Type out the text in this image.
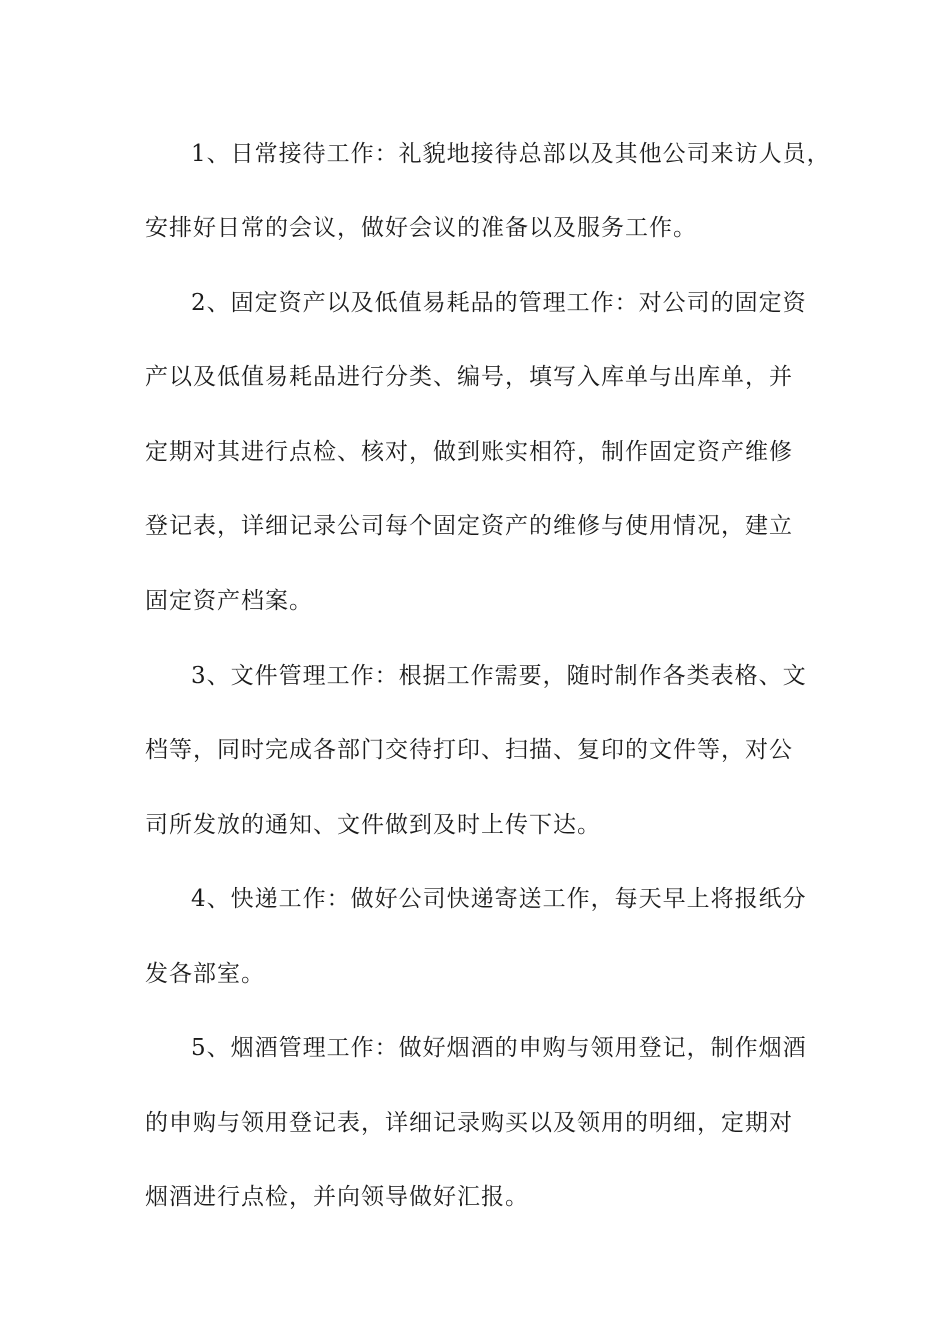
1、日常接待工作：礼貌地接待总部以及其他公司来访人员，
安排好日常的会议，做好会议的准备以及服务工作。
2、固定资产以及低值易耗品的管理工作：对公司的固定资
产以及低值易耗品进行分类、编号，填写入库单与出库单，并
定期对其进行点检、核对，做到账实相符，制作固定资产维修
登记表，详细记录公司每个固定资产的维修与使用情况，建立
固定资产档案。
3、文件管理工作：根据工作需要，随时制作各类表格、文
档等，同时完成各部门交待打印、扫描、复印的文件等，对公
司所发放的通知、文件做到及时上传下达。
4、快递工作：做好公司快递寄送工作，每天早上将报纸分
发各部室。
5、烟酒管理工作：做好烟酒的申购与领用登记，制作烟酒
的申购与领用登记表，详细记录购买以及领用的明细，定期对
烟酒进行点检，并向领导做好汇报。
